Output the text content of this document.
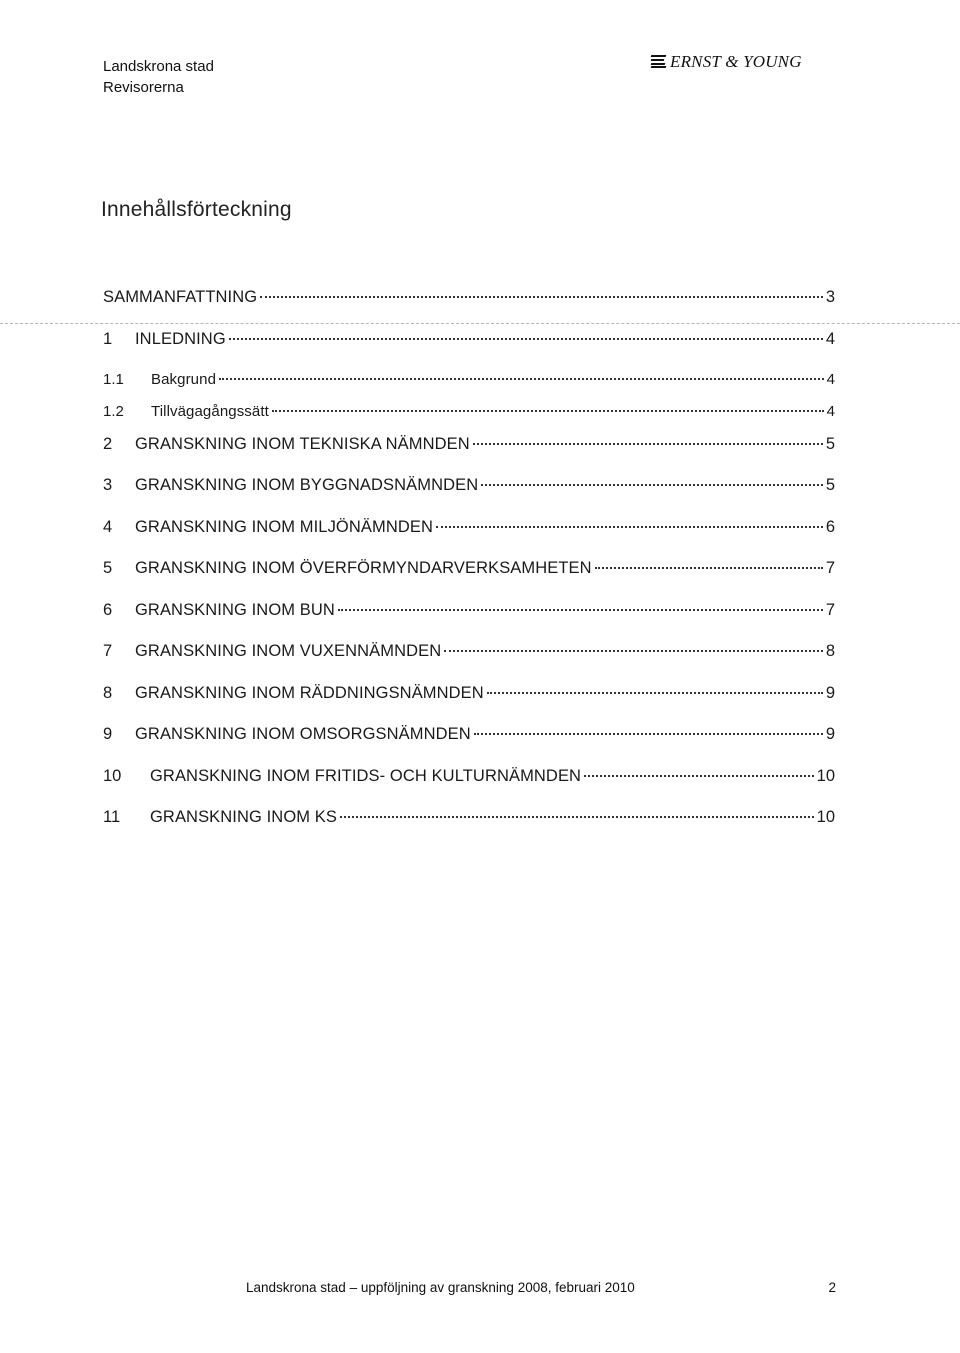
Landskrona stad
Revisorerna
ERNST & YOUNG
Innehållsförteckning
SAMMANFATTNING	3
1	INLEDNING	4
1.1	Bakgrund	4
1.2	Tillvägagångssätt	4
2	GRANSKNING INOM TEKNISKA NÄMNDEN	5
3	GRANSKNING INOM BYGGNADSNÄMNDEN	5
4	GRANSKNING INOM MILJÖNÄMNDEN	6
5	GRANSKNING INOM ÖVERFÖRMYNDARVERKSAMHETEN	7
6	GRANSKNING INOM BUN	7
7	GRANSKNING INOM VUXENNÄMNDEN	8
8	GRANSKNING INOM RÄDDNINGSNÄMNDEN	9
9	GRANSKNING INOM OMSORGSNÄMNDEN	9
10	GRANSKNING INOM FRITIDS- OCH KULTURNÄMNDEN	10
11	GRANSKNING INOM KS	10
Landskrona stad – uppföljning av granskning 2008, februari 2010	2
